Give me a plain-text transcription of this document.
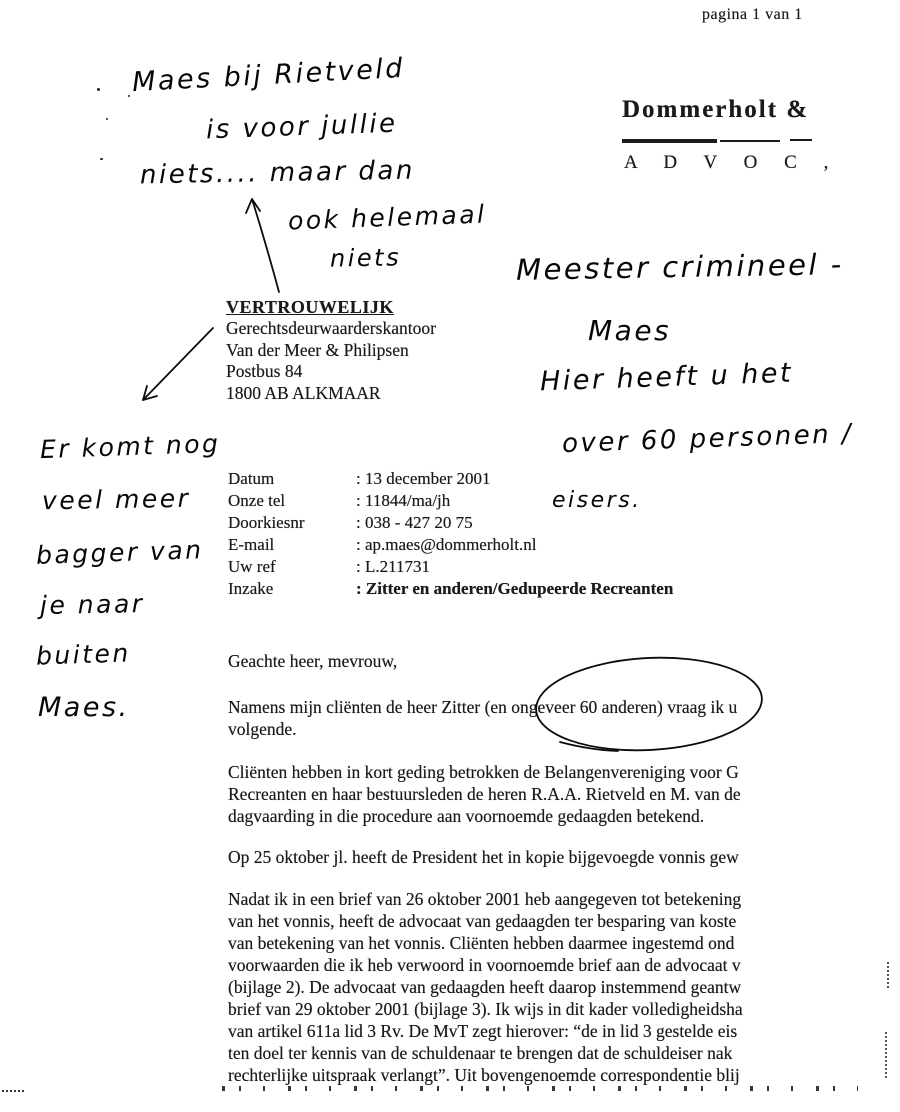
pagina 1 van 1
Dommerholt &
A D V O C ,
Maes bij Rietveld
is voor jullie
niets.... maar dan
ook helemaal
niets	Meester crimineel -
Maes
Hier heeft u het
over 60 personen /
eisers.
Er komt nog
veel meer
bagger van
je naar
buiten
Maes.
VERTROUWELIJK
Gerechtsdeurwaarderskantoor
Van der Meer & Philipsen
Postbus 84
1800 AB ALKMAAR
Datum	: 13 december 2001
Onze tel	: 11844/ma/jh
Doorkiesnr	: 038 - 427 20 75
E-mail	: ap.maes@dommerholt.nl
Uw ref	: L.211731
Inzake	: Zitter en anderen/Gedupeerde Recreanten
Geachte heer, mevrouw,
Namens mijn cliënten de heer Zitter (en ongeveer 60 anderen) vraag ik u
volgende.
Cliënten hebben in kort geding betrokken de Belangenvereniging voor G
Recreanten en haar bestuursleden de heren R.A.A. Rietveld en M. van de
dagvaarding in die procedure aan voornoemde gedaagden betekend.
Op 25 oktober jl. heeft de President het in kopie bijgevoegde vonnis gew
Nadat ik in een brief van 26 oktober 2001 heb aangegeven tot betekening
van het vonnis, heeft de advocaat van gedaagden ter besparing van koste
van betekening van het vonnis. Cliënten hebben daarmee ingestemd ond
voorwaarden die ik heb verwoord in voornoemde brief aan de advocaat v
(bijlage 2). De advocaat van gedaagden heeft daarop instemmend geantw
brief van 29 oktober 2001 (bijlage 3). Ik wijs in dit kader volledigheidsha
van artikel 611a lid 3 Rv. De MvT zegt hierover: “de in lid 3 gestelde eis
ten doel ter kennis van de schuldenaar te brengen dat de schuldeiser nak
rechterlijke uitspraak verlangt”. Uit bovengenoemde correspondentie blij
